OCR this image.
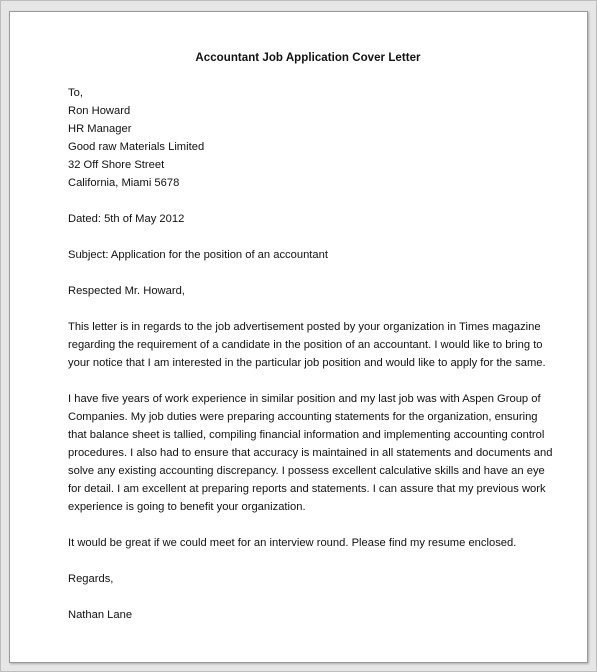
Accountant Job Application Cover Letter
To,
Ron Howard
HR Manager
Good raw Materials Limited
32 Off Shore Street
California, Miami 5678
Dated: 5th of May 2012
Subject: Application for the position of an accountant
Respected Mr. Howard,
This letter is in regards to the job advertisement posted by your organization in Times magazine
regarding the requirement of a candidate in the position of an accountant. I would like to bring to
your notice that I am interested in the particular job position and would like to apply for the same.
I have five years of work experience in similar position and my last job was with Aspen Group of
Companies. My job duties were preparing accounting statements for the organization, ensuring
that balance sheet is tallied, compiling financial information and implementing accounting control
procedures. I also had to ensure that accuracy is maintained in all statements and documents and
solve any existing accounting discrepancy. I possess excellent calculative skills and have an eye
for detail. I am excellent at preparing reports and statements. I can assure that my previous work
experience is going to benefit your organization.
It would be great if we could meet for an interview round. Please find my resume enclosed.
Regards,
Nathan Lane
